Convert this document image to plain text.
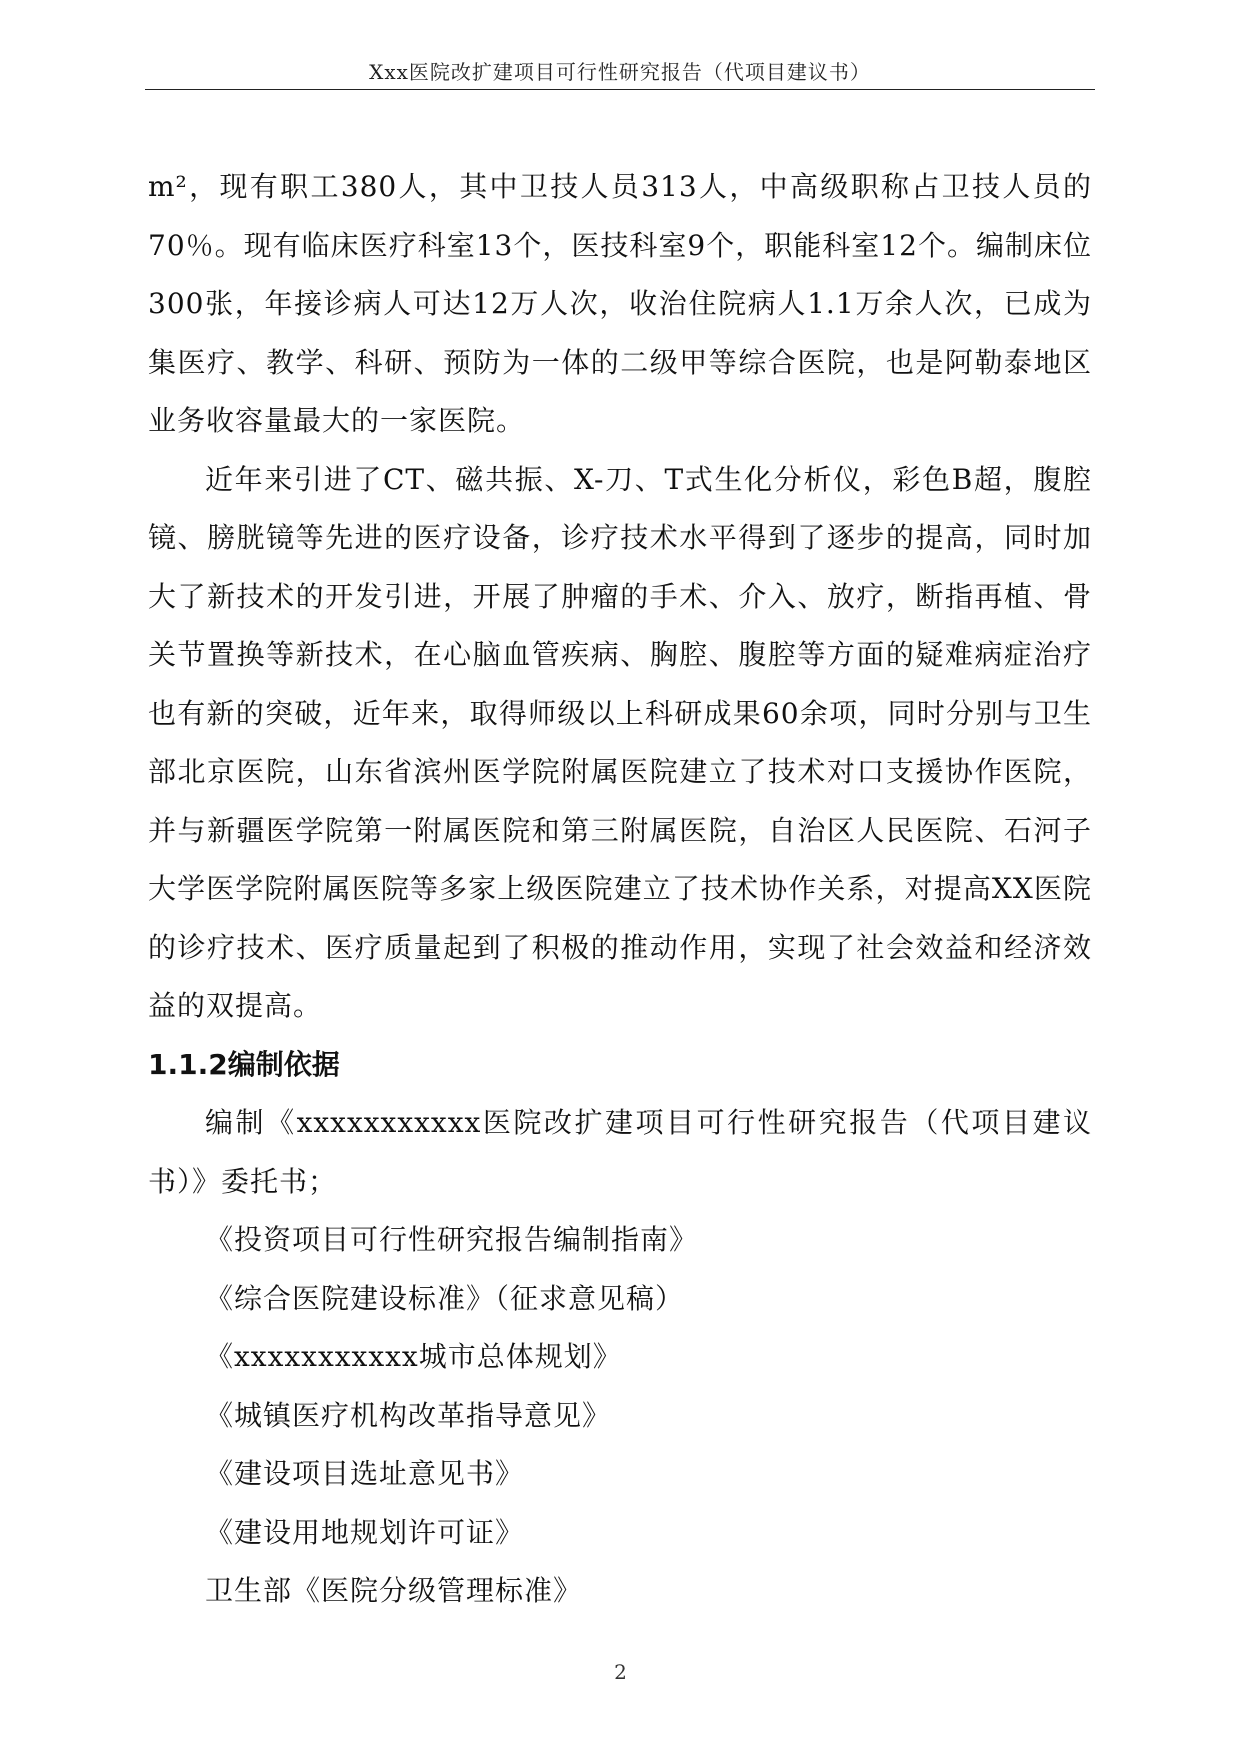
Xxx医院改扩建项目可行性研究报告（代项目建议书）

m²，现有职工380人，其中卫技人员313人，中高级职称占卫技人员的70％。现有临床医疗科室13个，医技科室9个，职能科室12个。编制床位300张，年接诊病人可达12万人次，收治住院病人1.1万余人次，已成为集医疗、教学、科研、预防为一体的二级甲等综合医院，也是阿勒泰地区业务收容量最大的一家医院。

近年来引进了CT、磁共振、X-刀、T式生化分析仪，彩色B超，腹腔镜、膀胱镜等先进的医疗设备，诊疗技术水平得到了逐步的提高，同时加大了新技术的开发引进，开展了肿瘤的手术、介入、放疗，断指再植、骨关节置换等新技术，在心脑血管疾病、胸腔、腹腔等方面的疑难病症治疗也有新的突破，近年来，取得师级以上科研成果60余项，同时分别与卫生部北京医院，山东省滨州医学院附属医院建立了技术对口支援协作医院，并与新疆医学院第一附属医院和第三附属医院，自治区人民医院、石河子大学医学院附属医院等多家上级医院建立了技术协作关系，对提高XX医院的诊疗技术、医疗质量起到了积极的推动作用，实现了社会效益和经济效益的双提高。

1.1.2编制依据

编制《xxxxxxxxxxx医院改扩建项目可行性研究报告（代项目建议书）》委托书；

《投资项目可行性研究报告编制指南》
《综合医院建设标准》（征求意见稿）
《xxxxxxxxxxx城市总体规划》
《城镇医疗机构改革指导意见》
《建设项目选址意见书》
《建设用地规划许可证》
卫生部《医院分级管理标准》
2
